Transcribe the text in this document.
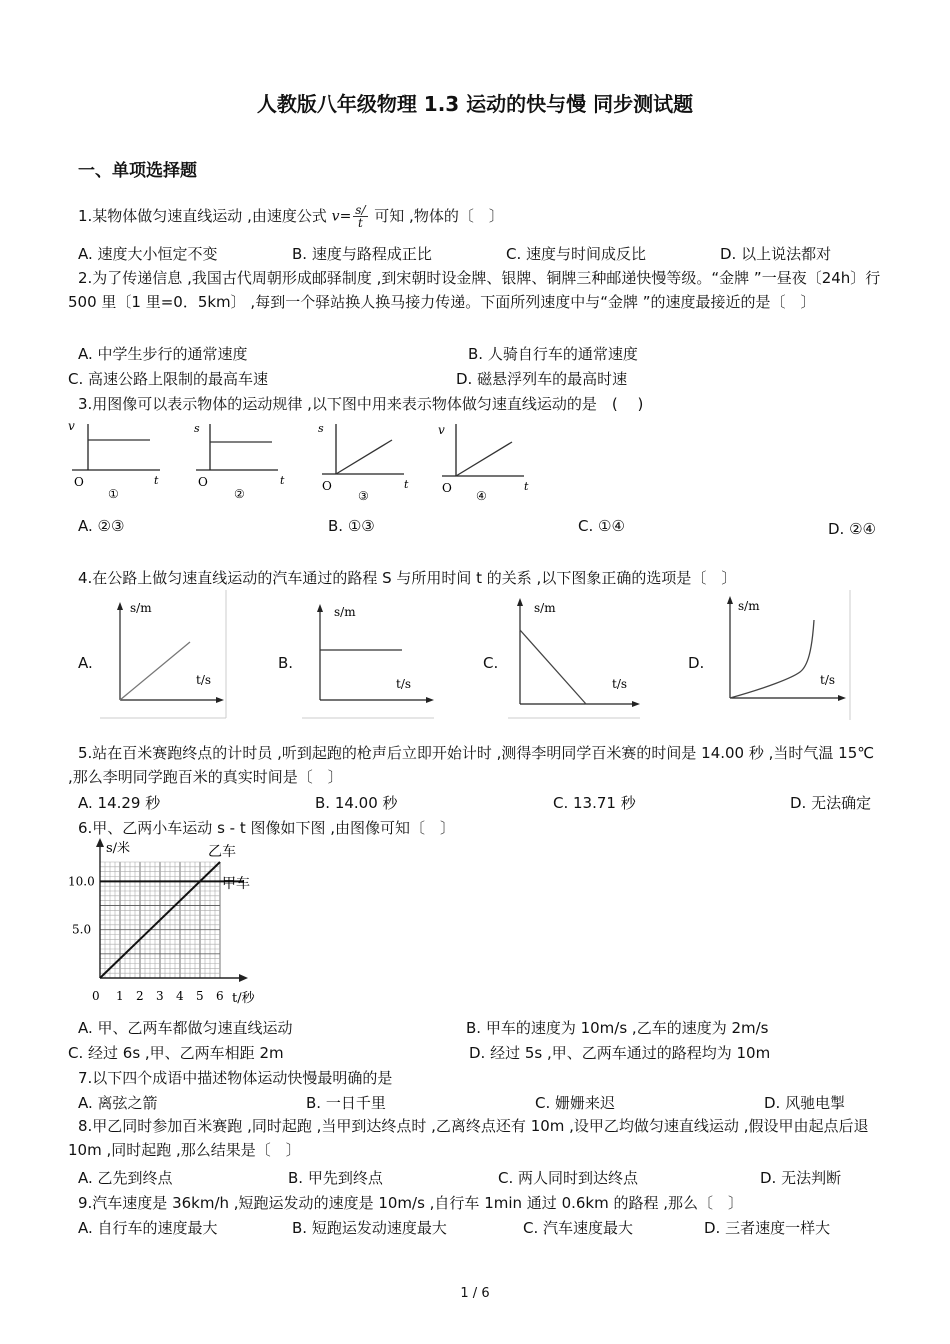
人教版八年级物理 1.3 运动的快与慢 同步测试题
一、单项选择题
1.某物体做匀速直线运动 ,由速度公式 $v= \frac{s/}{t}$ 可知 ,物体的〔　〕
A. 速度大小恒定不变	B. 速度与路程成正比	C. 速度与时间成反比	D. 以上说法都对
2.为了传递信息 ,我国古代周朝形成邮驿制度 ,到宋朝时设金牌、银牌、铜牌三种邮递快慢等级。“金牌 ”一昼夜〔24h〕行 500 里〔1 里=0．5km〕 ,每到一个驿站换人换马接力传递。下面所列速度中与“金牌 ”的速度最接近的是〔　〕
A. 中学生步行的通常速度	B. 人骑自行车的通常速度
C. 高速公路上限制的最高车速	D. 磁悬浮列车的最高时速
3.用图像可以表示物体的运动规律 ,以下图中用来表示物体做匀速直线运动的是　(　 )
v
O	t
①
s
O	t
②
s
O	t
③
v
O	t
④
A. ②③	B. ①③	C. ①④	D. ②④
4.在公路上做匀速直线运动的汽车通过的路程 S 与所用时间 t 的关系 ,以下图象正确的选项是〔　〕
A.	B.	C.	D.
s/m
t/s
s/m
t/s
s/m
t/s
s/m
t/s
5.站在百米赛跑终点的计时员 ,听到起跑的枪声后立即开始计时 ,测得李明同学百米赛的时间是 14.00 秒 ,当时气温 15℃ ,那么李明同学跑百米的真实时间是〔　〕
A. 14.29 秒	B. 14.00 秒	C. 13.71 秒	D. 无法确定
6.甲、乙两小车运动 s - t 图像如下图 ,由图像可知〔　〕
s/米
10.0
5.0
0 1 2 3 4 5 6 t/秒
乙车
甲车
A. 甲、乙两车都做匀速直线运动	B. 甲车的速度为 10m/s ,乙车的速度为 2m/s
C. 经过 6s ,甲、乙两车相距 2m	D. 经过 5s ,甲、乙两车通过的路程均为 10m
7.以下四个成语中描述物体运动快慢最明确的是
A. 离弦之箭	B. 一日千里	C. 姗姗来迟	D. 风驰电掣
8.甲乙同时参加百米赛跑 ,同时起跑 ,当甲到达终点时 ,乙离终点还有 10m ,设甲乙均做匀速直线运动 ,假设甲由起点后退 10m ,同时起跑 ,那么结果是〔　〕
A. 乙先到终点	B. 甲先到终点	C. 两人同时到达终点	D. 无法判断
9.汽车速度是 36km/h ,短跑运发动的速度是 10m/s ,自行车 1min 通过 0.6km 的路程 ,那么〔　〕
A. 自行车的速度最大	B. 短跑运发动速度最大	C. 汽车速度最大	D. 三者速度一样大
1 / 6
